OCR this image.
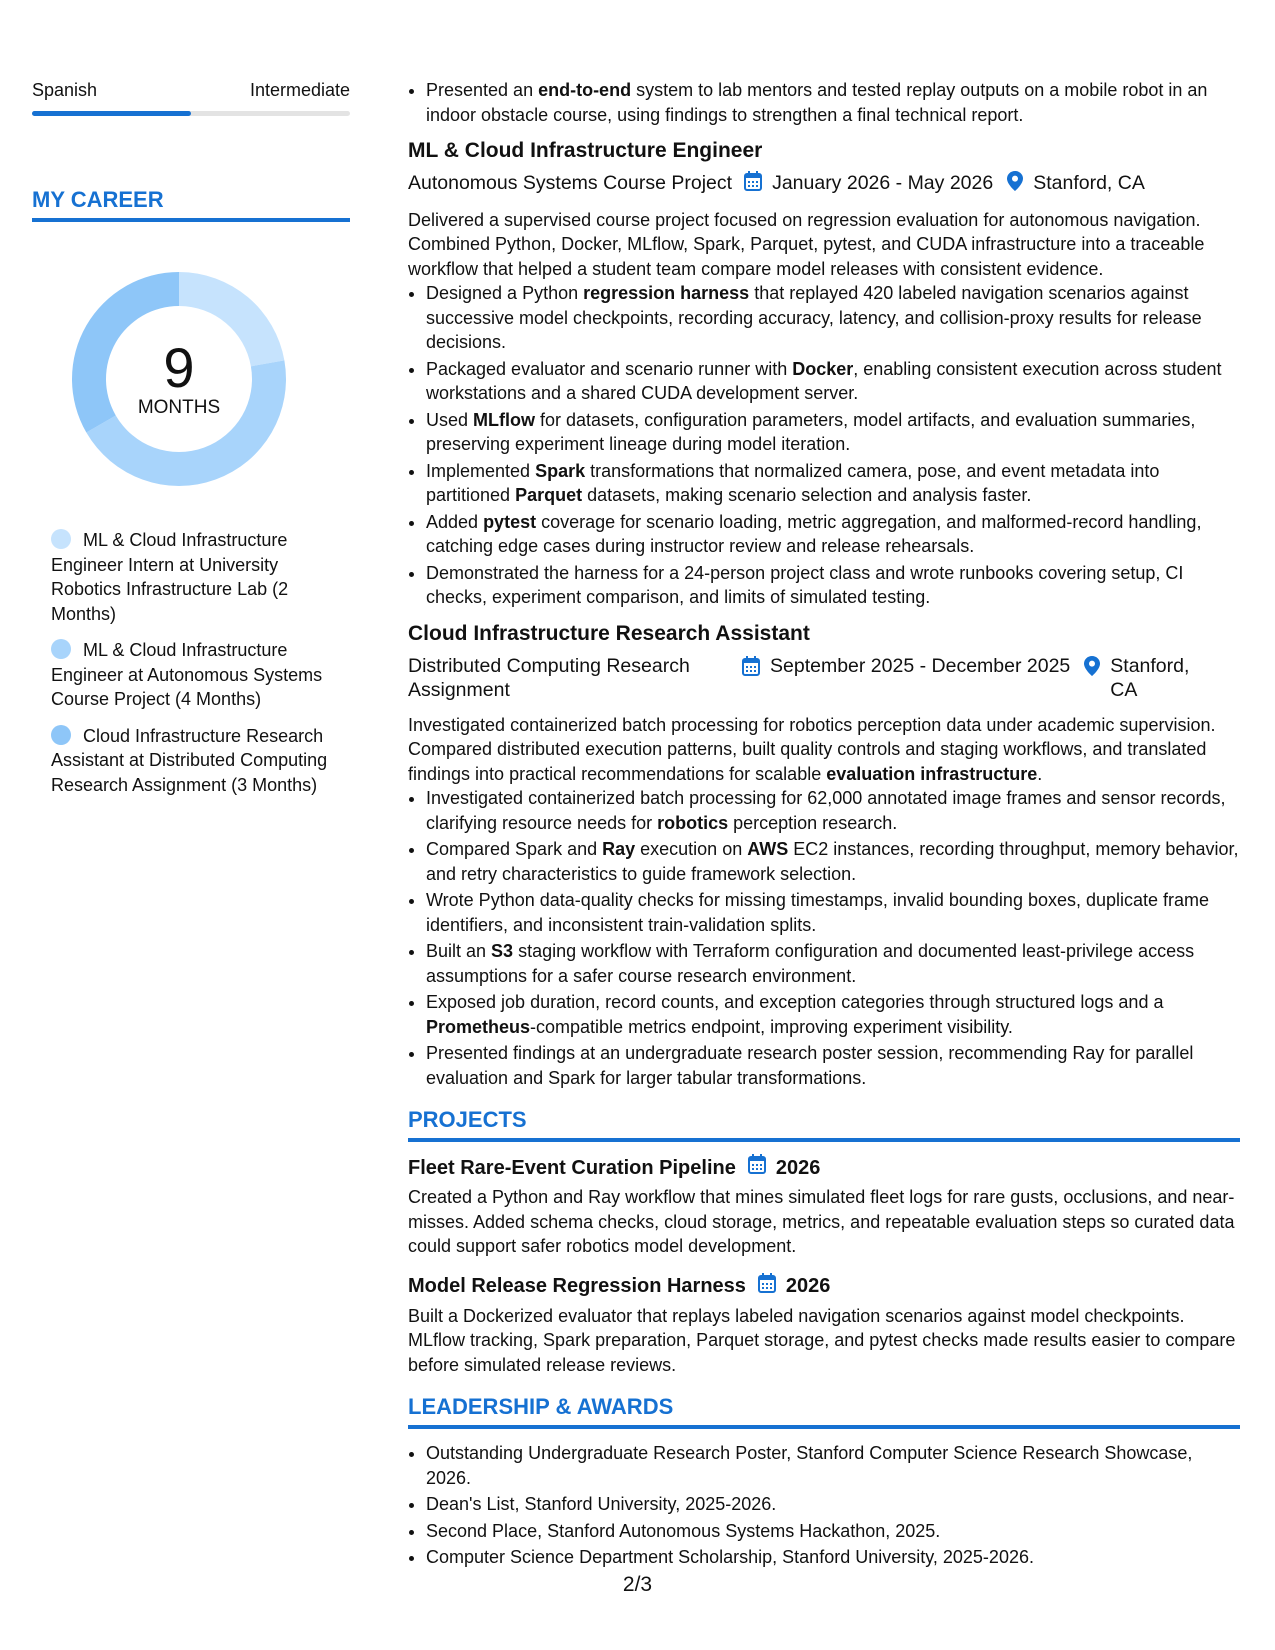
Spanish	Intermediate
MY CAREER
9
MONTHS
ML & Cloud Infrastructure Engineer Intern at University Robotics Infrastructure Lab (2 Months)
ML & Cloud Infrastructure Engineer at Autonomous Systems Course Project (4 Months)
Cloud Infrastructure Research Assistant at Distributed Computing Research Assignment (3 Months)
• Presented an end-to-end system to lab mentors and tested replay outputs on a mobile robot in an indoor obstacle course, using findings to strengthen a final technical report.
ML & Cloud Infrastructure Engineer
Autonomous Systems Course Project January 2026 - May 2026 Stanford, CA

Delivered a supervised course project focused on regression evaluation for autonomous navigation. Combined Python, Docker, MLflow, Spark, Parquet, pytest, and CUDA infrastructure into a traceable workflow that helped a student team compare model releases with consistent evidence.

• Designed a Python regression harness that replayed 420 labeled navigation scenarios against successive model checkpoints, recording accuracy, latency, and collision-proxy results for release decisions.
• Packaged evaluator and scenario runner with Docker, enabling consistent execution across student workstations and a shared CUDA development server.
• Used MLflow for datasets, configuration parameters, model artifacts, and evaluation summaries, preserving experiment lineage during model iteration.
• Implemented Spark transformations that normalized camera, pose, and event metadata into partitioned Parquet datasets, making scenario selection and analysis faster.
• Added pytest coverage for scenario loading, metric aggregation, and malformed-record handling, catching edge cases during instructor review and release rehearsals.
• Demonstrated the harness for a 24-person project class and wrote runbooks covering setup, CI checks, experiment comparison, and limits of simulated testing.
Cloud Infrastructure Research Assistant
Distributed Computing Research Assignment
September 2025 - December 2025 Stanford, CA

Investigated containerized batch processing for robotics perception data under academic supervision. Compared distributed execution patterns, built quality controls and staging workflows, and translated findings into practical recommendations for scalable evaluation infrastructure.

• Investigated containerized batch processing for 62,000 annotated image frames and sensor records, clarifying resource needs for robotics perception research.
• Compared Spark and Ray execution on AWS EC2 instances, recording throughput, memory behavior, and retry characteristics to guide framework selection.
• Wrote Python data-quality checks for missing timestamps, invalid bounding boxes, duplicate frame identifiers, and inconsistent train-validation splits.
• Built an S3 staging workflow with Terraform configuration and documented least-privilege access assumptions for a safer course research environment.
• Exposed job duration, record counts, and exception categories through structured logs and a Prometheus-compatible metrics endpoint, improving experiment visibility.
• Presented findings at an undergraduate research poster session, recommending Ray for parallel evaluation and Spark for larger tabular transformations.
PROJECTS
Fleet Rare-Event Curation Pipeline 2026

Created a Python and Ray workflow that mines simulated fleet logs for rare gusts, occlusions, and near-misses. Added schema checks, cloud storage, metrics, and repeatable evaluation steps so curated data could support safer robotics model development.

Model Release Regression Harness 2026

Built a Dockerized evaluator that replays labeled navigation scenarios against model checkpoints. MLflow tracking, Spark preparation, Parquet storage, and pytest checks made results easier to compare before simulated release reviews.

LEADERSHIP & AWARDS
• Outstanding Undergraduate Research Poster, Stanford Computer Science Research Showcase, 2026.
• Dean's List, Stanford University, 2025-2026.
• Second Place, Stanford Autonomous Systems Hackathon, 2025.
• Computer Science Department Scholarship, Stanford University, 2025-2026.
2/3
